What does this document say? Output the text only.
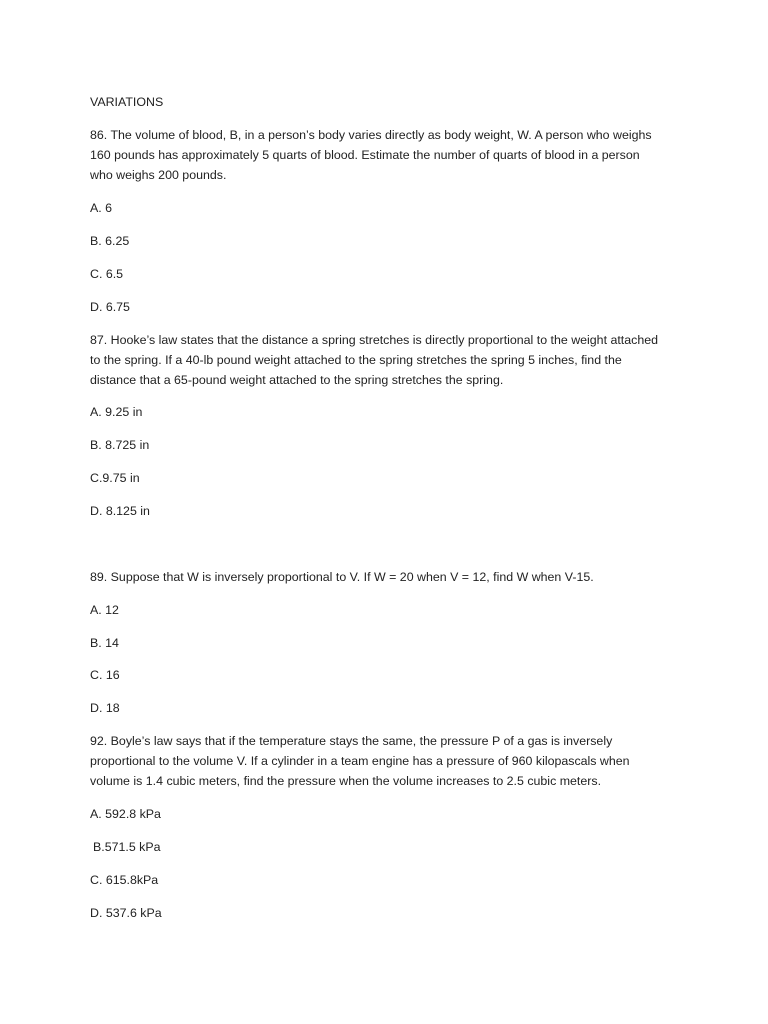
VARIATIONS
86. The volume of blood, B, in a person’s body varies directly as body weight, W. A person who weighs
160 pounds has approximately 5 quarts of blood. Estimate the number of quarts of blood in a person
who weighs 200 pounds.
A. 6
B. 6.25
C. 6.5
D. 6.75
87. Hooke’s law states that the distance a spring stretches is directly proportional to the weight attached
to the spring. If a 40-lb pound weight attached to the spring stretches the spring 5 inches, find the
distance that a 65-pound weight attached to the spring stretches the spring.
A. 9.25 in
B. 8.725 in
C.9.75 in
D. 8.125 in
89. Suppose that W is inversely proportional to V. If W = 20 when V = 12, find W when V-15.
A. 12
B. 14
C. 16
D. 18
92. Boyle’s law says that if the temperature stays the same, the pressure P of a gas is inversely
proportional to the volume V. If a cylinder in a team engine has a pressure of 960 kilopascals when
volume is 1.4 cubic meters, find the pressure when the volume increases to 2.5 cubic meters.
A. 592.8 kPa
B.571.5 kPa
C. 615.8kPa
D. 537.6 kPa
